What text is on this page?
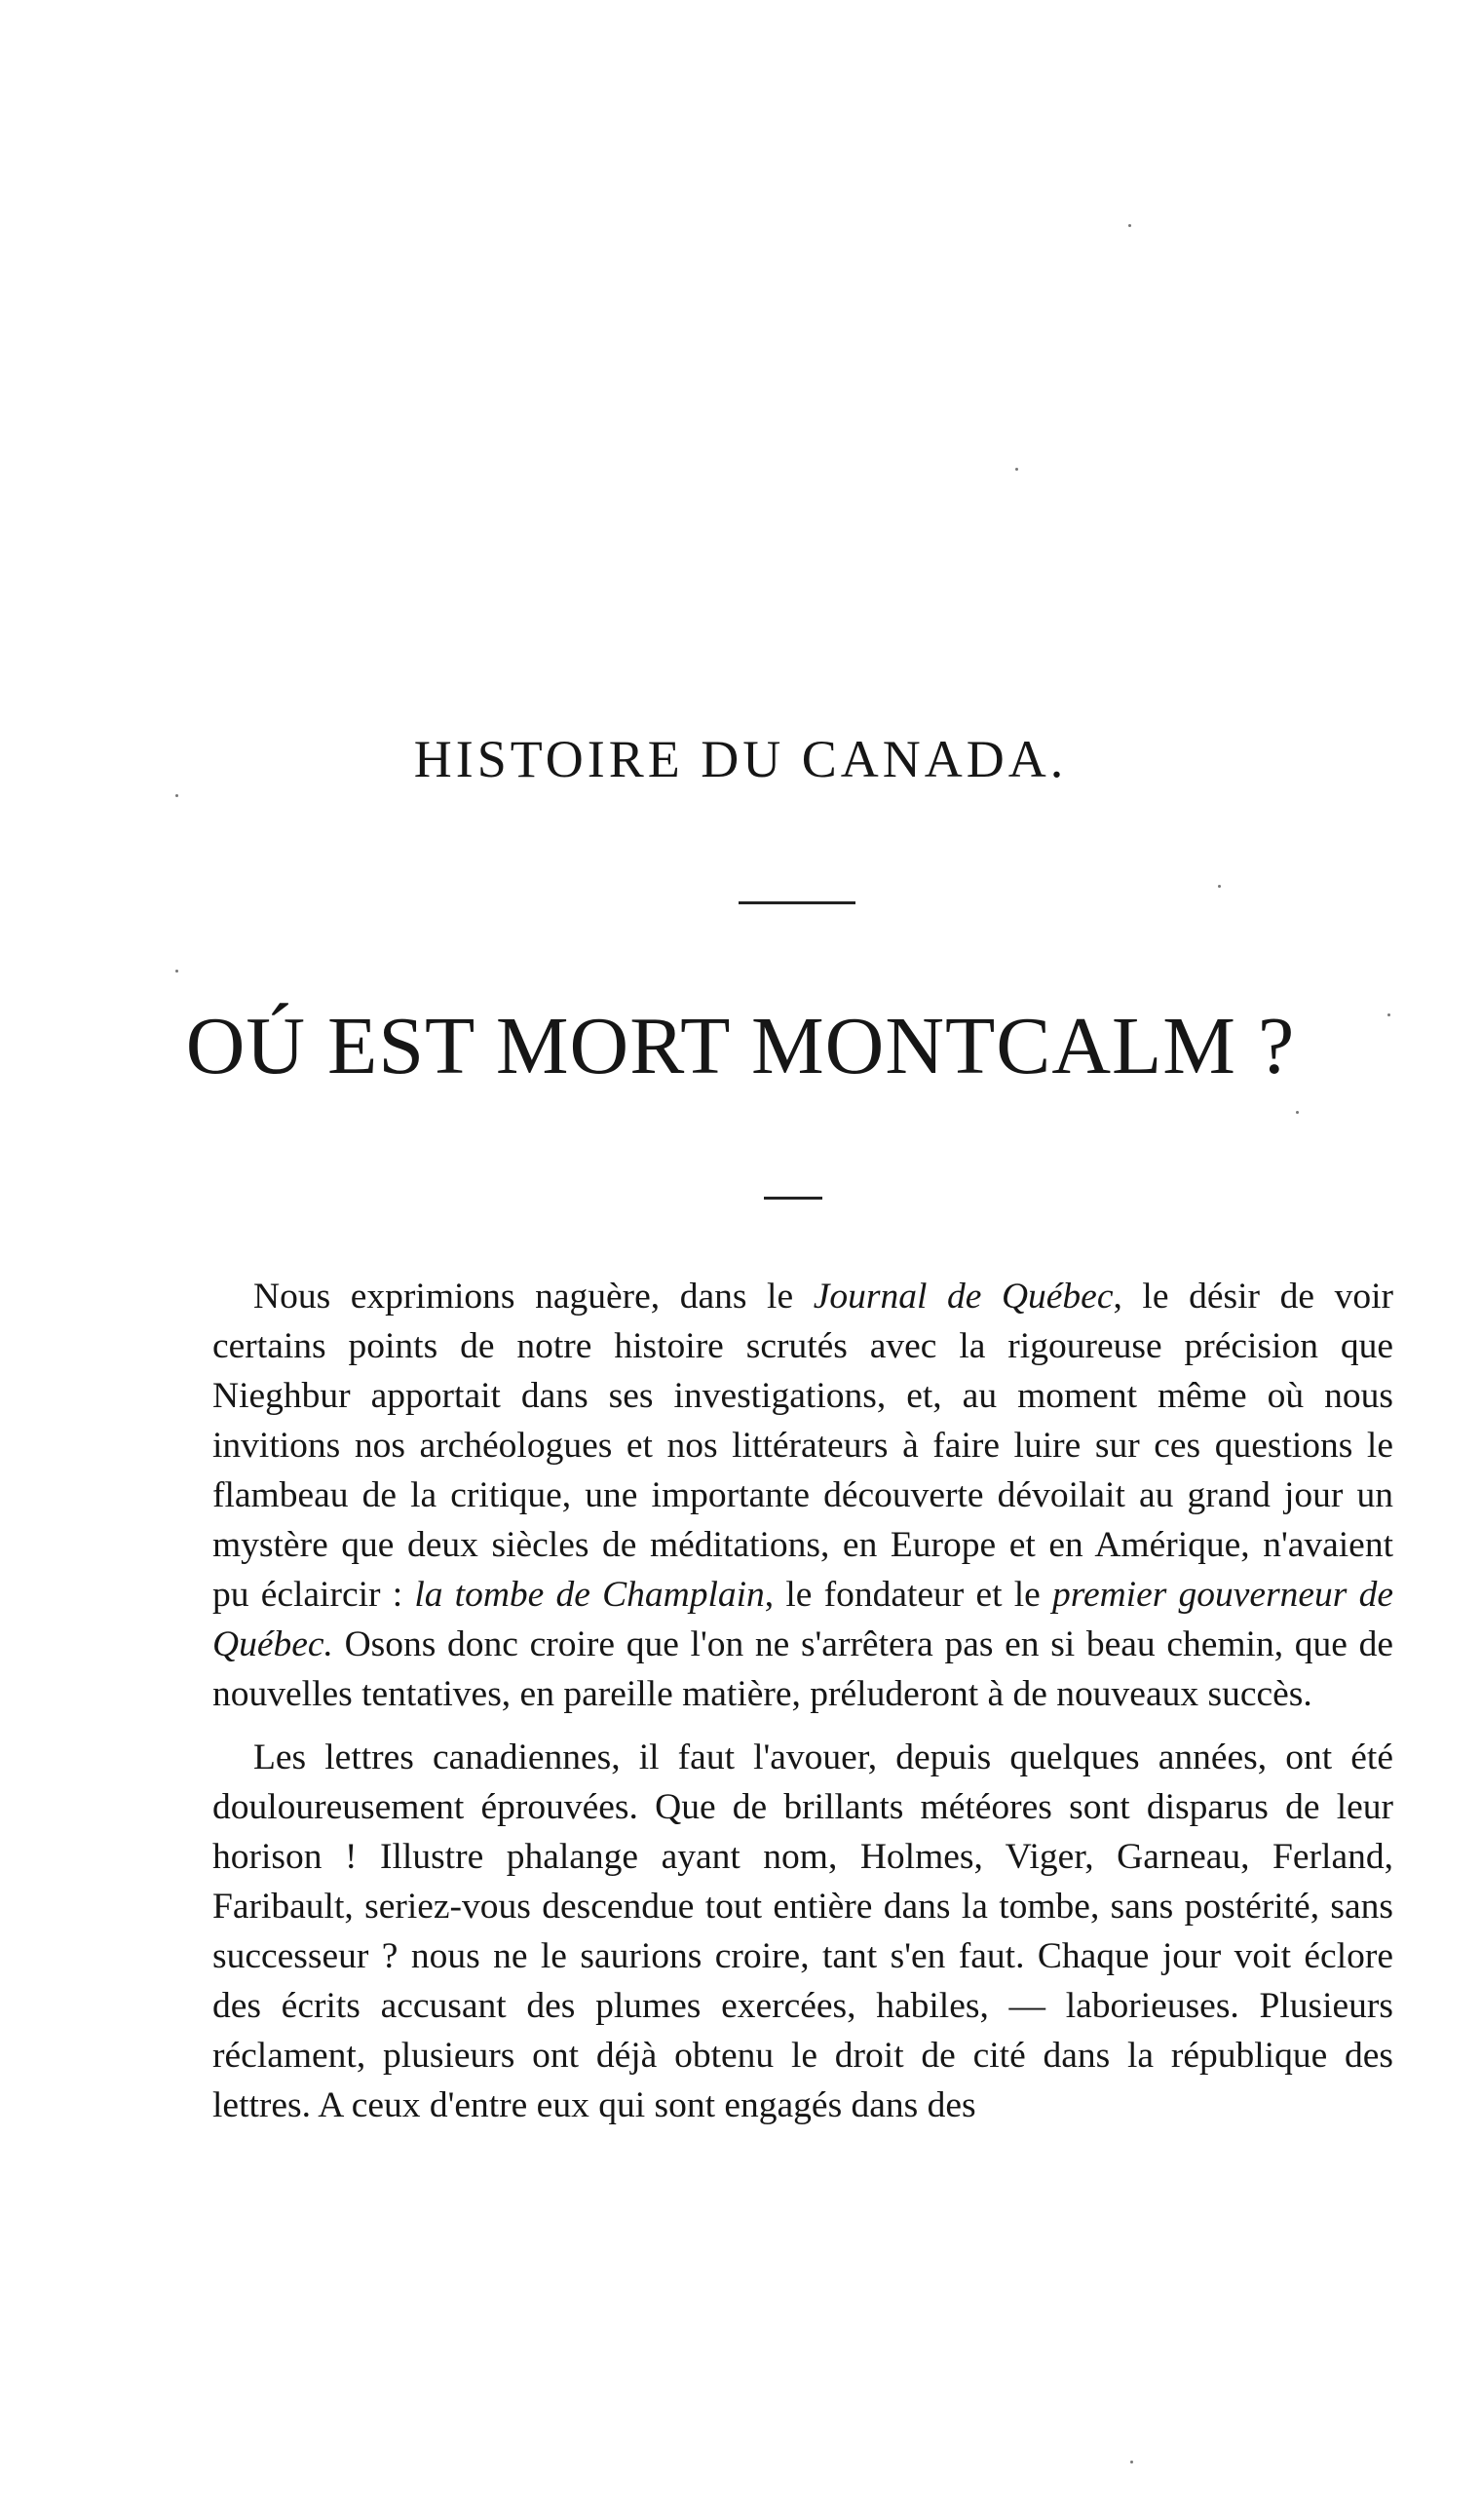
HISTOIRE DU CANADA.
OÚ EST MORT MONTCALM ?

Nous exprimions naguère, dans le Journal de Québec, le désir de voir certains points de notre histoire scrutés avec la rigoureuse précision que Nieghbur apportait dans ses investigations, et, au moment même où nous invitions nos archéologues et nos littérateurs à faire luire sur ces questions le flambeau de la critique, une importante découverte dévoilait au grand jour un mystère que deux siècles de méditations, en Europe et en Amérique, n'avaient pu éclaircir : la tombe de Champlain, le fondateur et le premier gouverneur de Québec. Osons donc croire que l'on ne s'arrêtera pas en si beau chemin, que de nouvelles tentatives, en pareille matière, préluderont à de nouveaux succès.

Les lettres canadiennes, il faut l'avouer, depuis quelques années, ont été douloureusement éprouvées. Que de brillants météores sont disparus de leur horison ! Illustre phalange ayant nom, Holmes, Viger, Garneau, Ferland, Faribault, seriez-vous descendue tout entière dans la tombe, sans postérité, sans successeur ? nous ne le saurions croire, tant s'en faut. Chaque jour voit éclore des écrits accusant des plumes exercées, habiles, — laborieuses. Plusieurs réclament, plusieurs ont déjà obtenu le droit de cité dans la république des lettres. A ceux d'entre eux qui sont engagés dans des
